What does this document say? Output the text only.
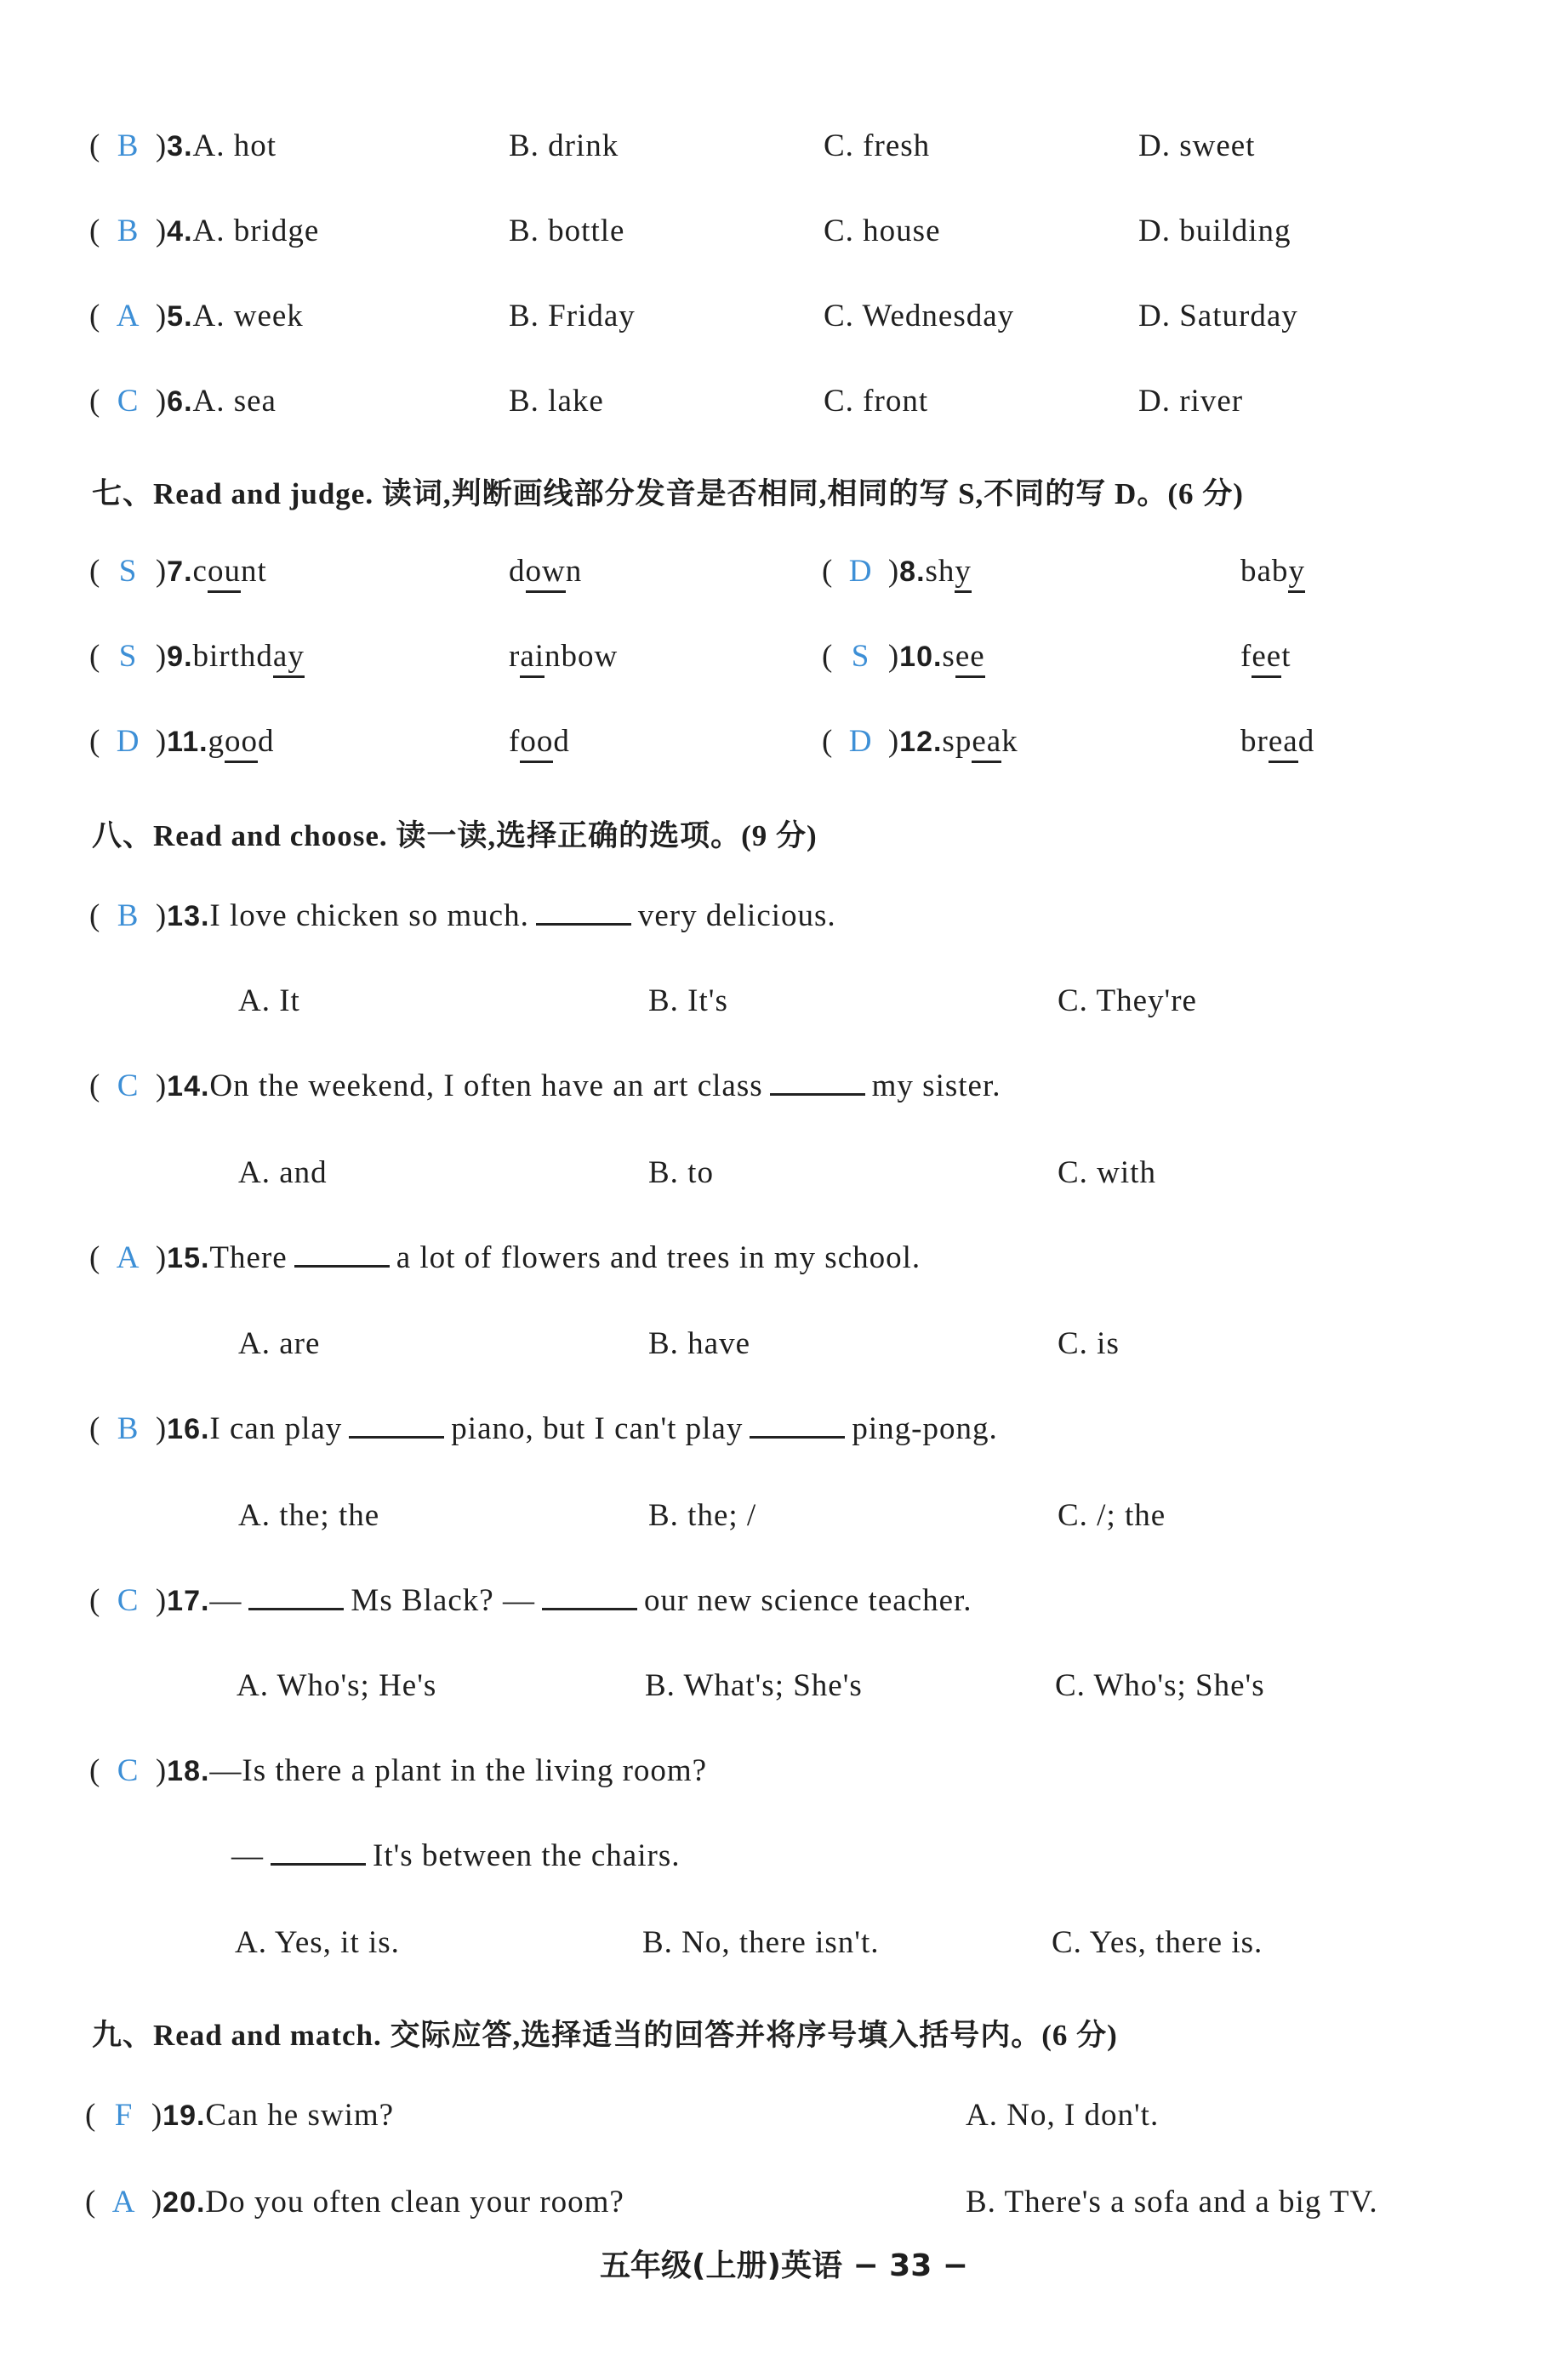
( B )3.A. hot	B. drink	C. fresh	D. sweet
( B )4.A. bridge	B. bottle	C. house	D. building
( A )5.A. week	B. Friday	C. Wednesday	D. Saturday
( C )6.A. sea	B. lake	C. front	D. river
七、Read and judge. 读词,判断画线部分发音是否相同,相同的写 S,不同的写 D。(6 分)
( S )7.count	down	( D )8.shy	baby
( S )9.birthday	rainbow	( S )10.see	feet
( D )11.good	food	( D )12.speak	bread
八、Read and choose. 读一读,选择正确的选项。(9 分)
( B )13.I love chicken so much.	very delicious.
A. It	B. It's	C. They're
( C )14.On the weekend, I often have an art class	my sister.
A. and	B. to	C. with
( A )15.There	a lot of flowers and trees in my school.
A. are	B. have	C. is
( B )16.I can play	piano, but I can't play	ping-pong.
A. the; the	B. the; /	C. /; the
( C )17.—	Ms Black? —	our new science teacher.
A. Who's; He's	B. What's; She's	C. Who's; She's
( C )18.—Is there a plant in the living room?
—	It's between the chairs.
A. Yes, it is.	B. No, there isn't.	C. Yes, there is.
九、Read and match. 交际应答,选择适当的回答并将序号填入括号内。(6 分)
( F )19.Can he swim?	A. No, I don't.
( A )20.Do you often clean your room?	B. There's a sofa and a big TV.
五年级(上册)英语 − 33 −
